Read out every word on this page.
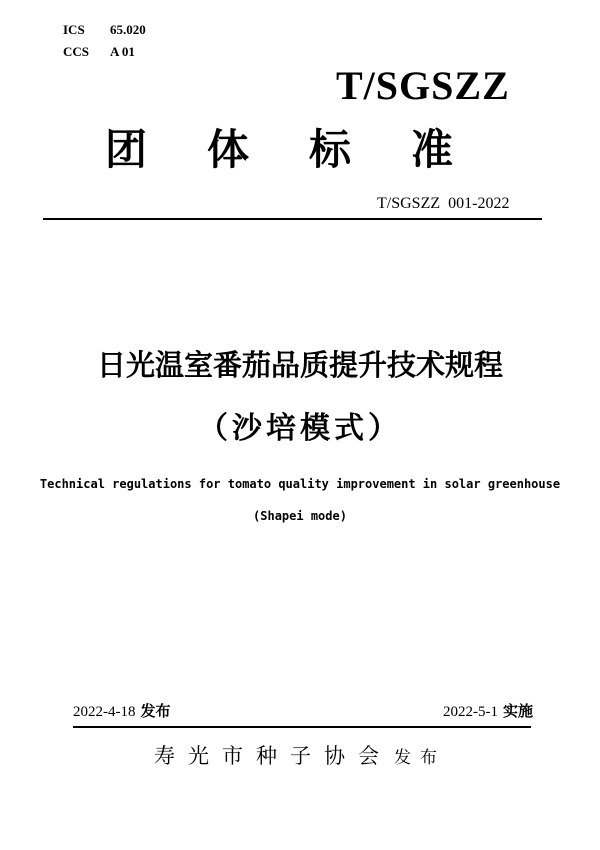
ICS 65.020
CCS A 01
T/SGSZZ
团体标准
T/SGSZZ  001-2022
日光温室番茄品质提升技术规程
（沙培模式）
Technical regulations for tomato quality improvement in solar greenhouse
(Shapei mode)
2022-4-18 发布	2022-5-1 实施
寿光市种子协会 发布
